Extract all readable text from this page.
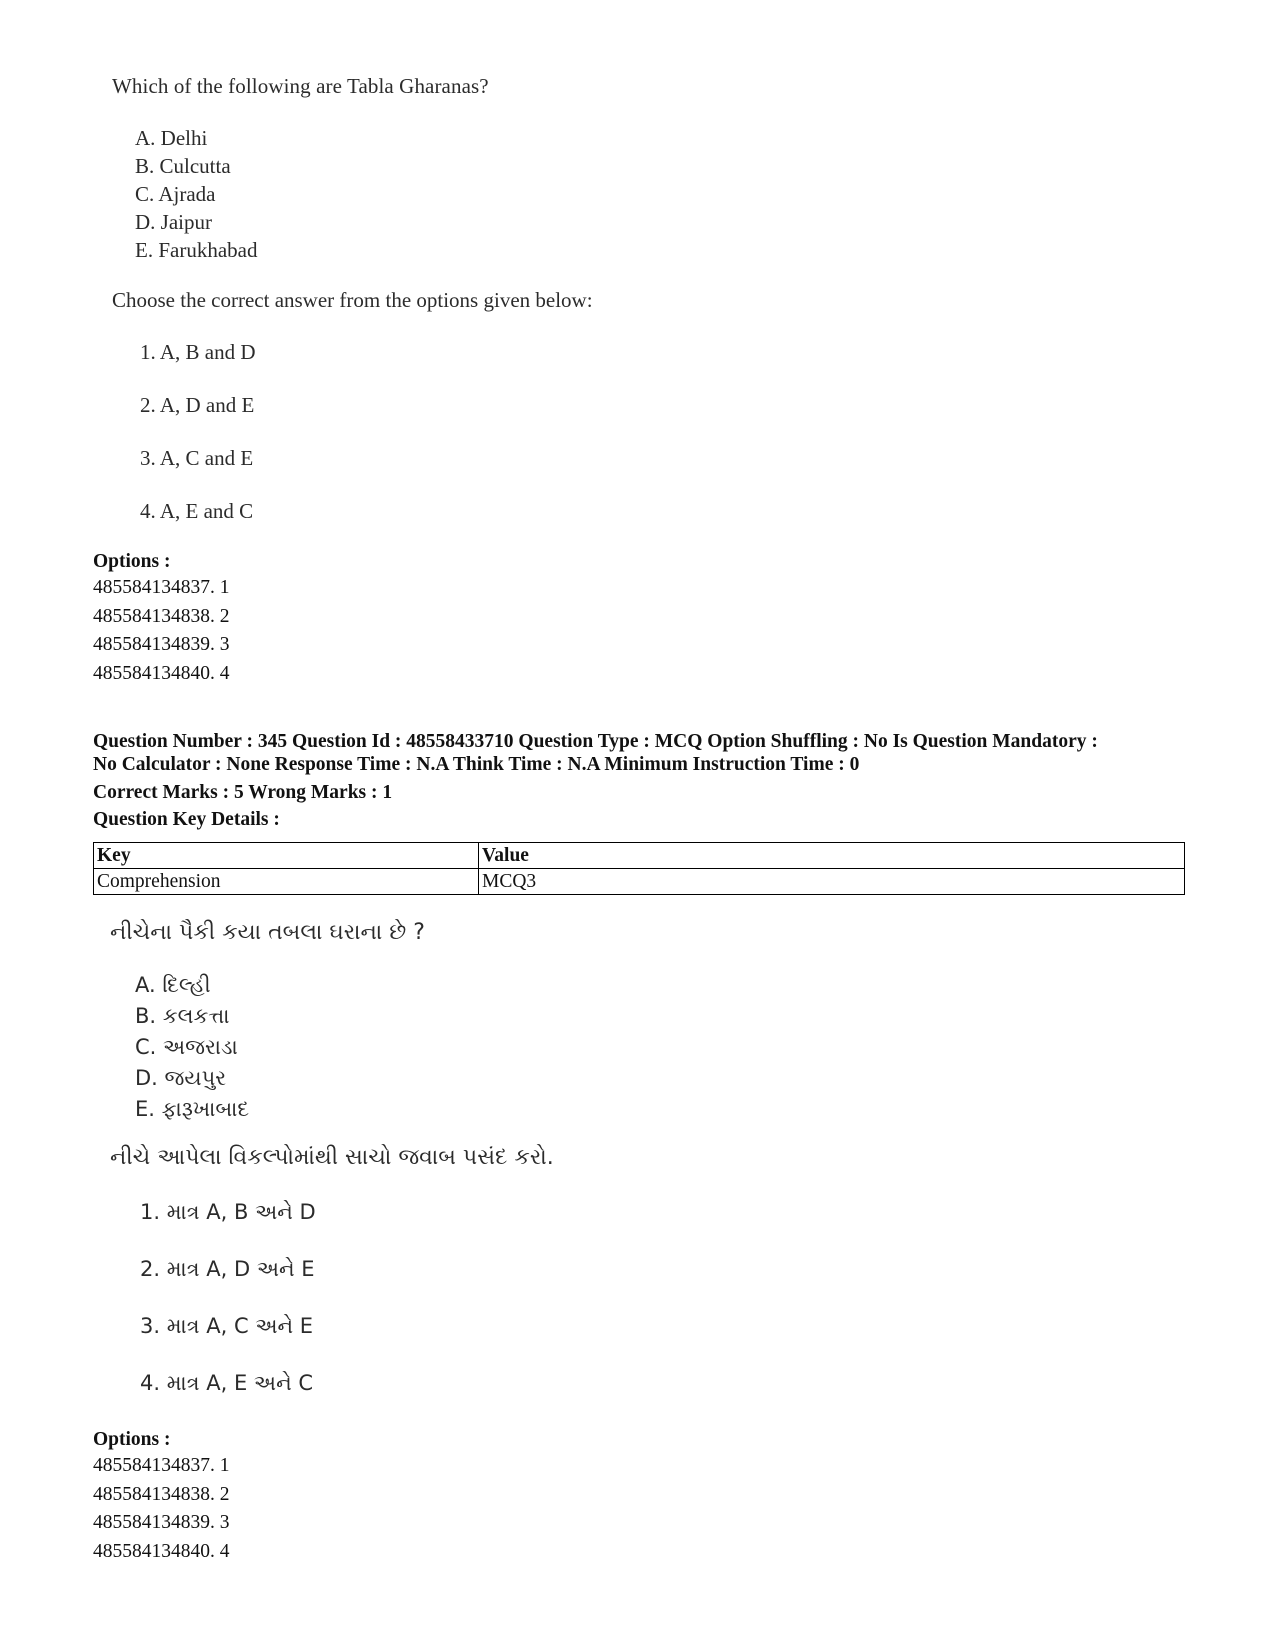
Which of the following are Tabla Gharanas?
A. Delhi
B. Culcutta
C. Ajrada
D. Jaipur
E. Farukhabad
Choose the correct answer from the options given below:
1. A, B and D
2. A, D and E
3. A, C and E
4. A, E and C
Options :
485584134837. 1
485584134838. 2
485584134839. 3
485584134840. 4
Question Number : 345 Question Id : 48558433710 Question Type : MCQ Option Shuffling : No Is Question Mandatory :
No Calculator : None Response Time : N.A Think Time : N.A Minimum Instruction Time : 0
Correct Marks : 5 Wrong Marks : 1
Question Key Details :
Key	Value
Comprehension	MCQ3
નીચેના પૈકી કયા તબલા ઘરાના છે ?
A. દિલ્હી
B. કલકત્તા
C. અજરાડા
D. જયપુર
E. ફારૂખાબાદ
નીચે આપેલા વિકલ્પોમાંથી સાચો જવાબ પસંદ કરો.
1. માત્ર A, B અને D
2. માત્ર A, D અને E
3. માત્ર A, C અને E
4. માત્ર A, E અને C
Options :
485584134837. 1
485584134838. 2
485584134839. 3
485584134840. 4
